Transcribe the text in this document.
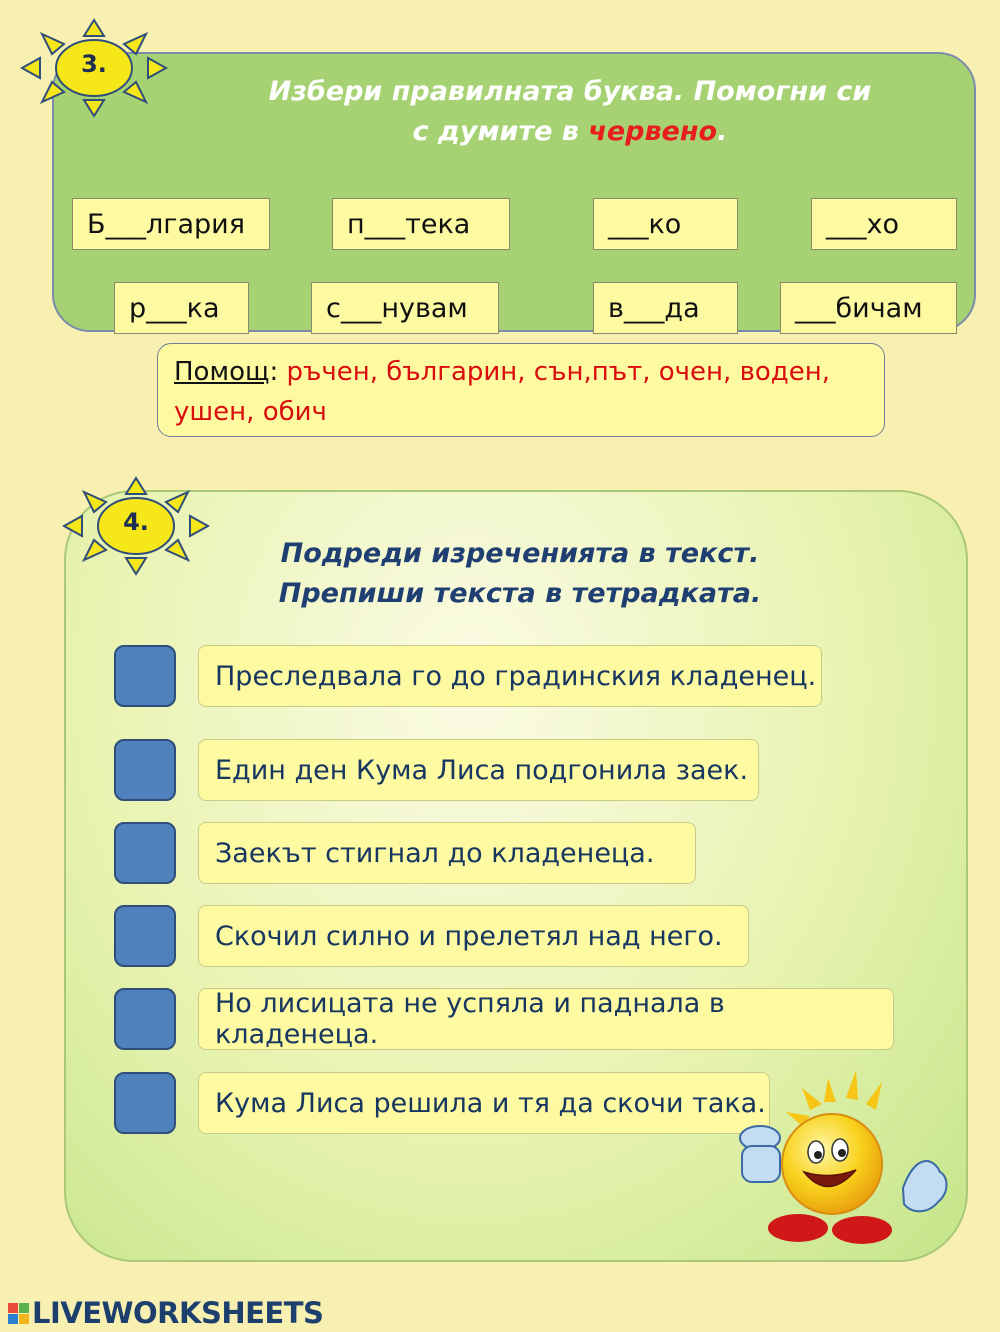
3.
Избери правилната буква. Помогни си
с думите в червено.
Б___лгария	п___тека	___ко	___хо
р___ка	с___нувам	в___да	___бичам
Помощ: ръчен, българин, сън,път, очен, воден, ушен, обич
4.
Подреди изреченията в текст.
Препиши текста в тетрадката.
Преследвала го до градинския кладенец.
Един ден Кума Лиса подгонила заек.
Заекът стигнал до кладенеца.
Скочил силно и прелетял над него.
Но лисицата не успяла и паднала в кладенеца.
Кума Лиса решила и тя да скочи така.
LIVEWORKSHEETS
